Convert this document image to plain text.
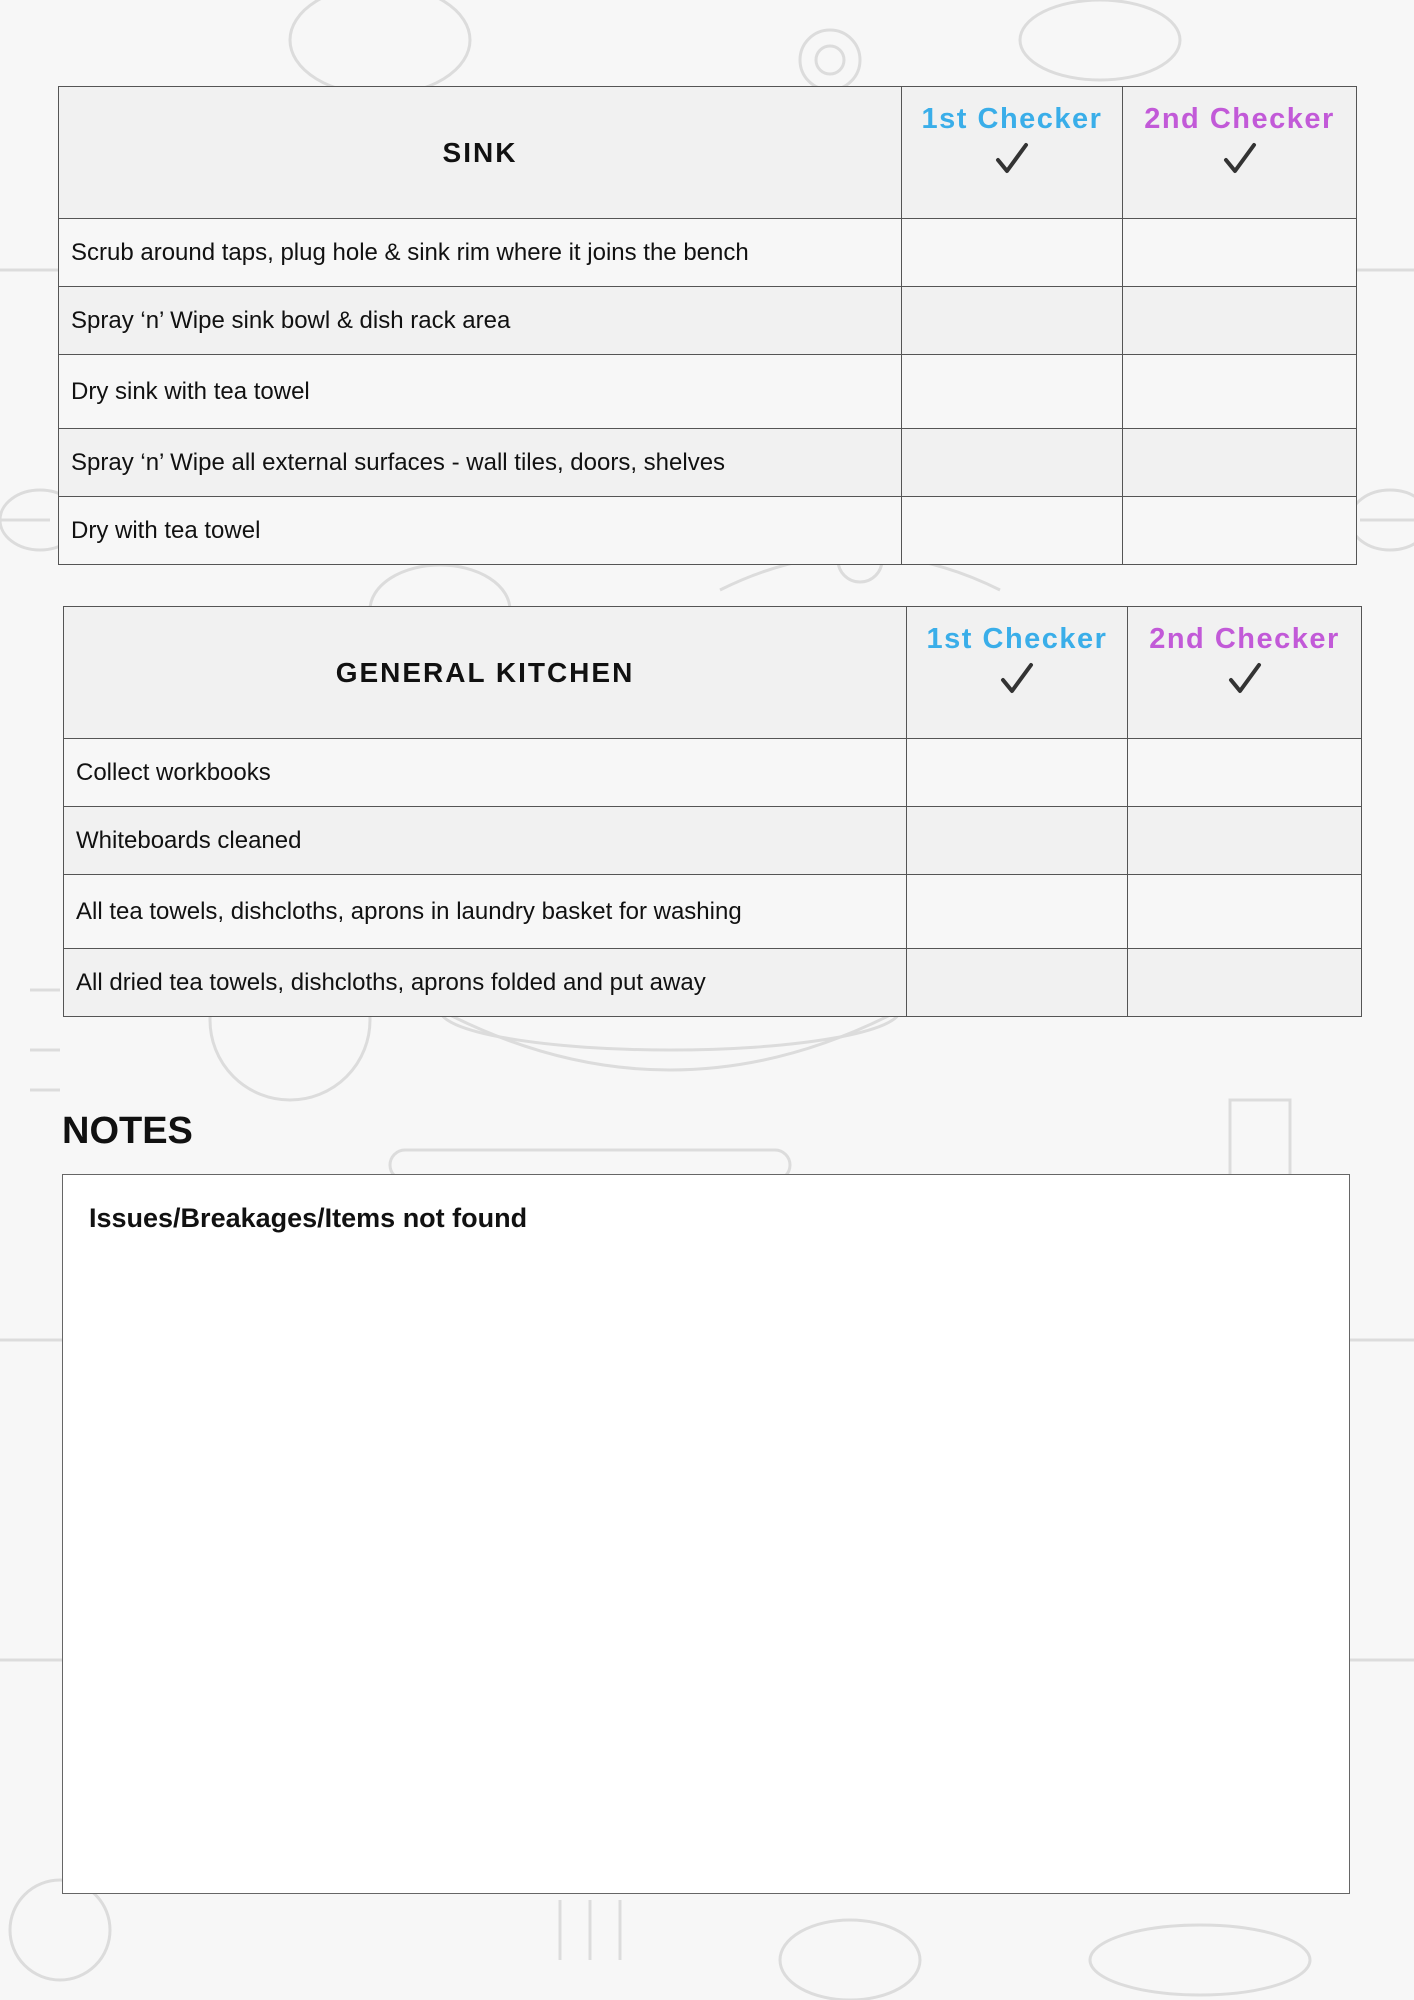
SINK	1st Checker	2nd Checker

Scrub around taps, plug hole & sink rim where it joins the bench		
Spray ‘n’ Wipe sink bowl & dish rack area		
Dry sink with tea towel		
Spray ‘n’ Wipe all external surfaces - wall tiles, doors, shelves		
Dry with tea towel		
GENERAL KITCHEN	1st Checker	2nd Checker

Collect workbooks		
Whiteboards cleaned		
All tea towels, dishcloths, aprons in laundry basket for washing		
All dried tea towels, dishcloths, aprons folded and put away		
NOTES
Issues/Breakages/Items not found
